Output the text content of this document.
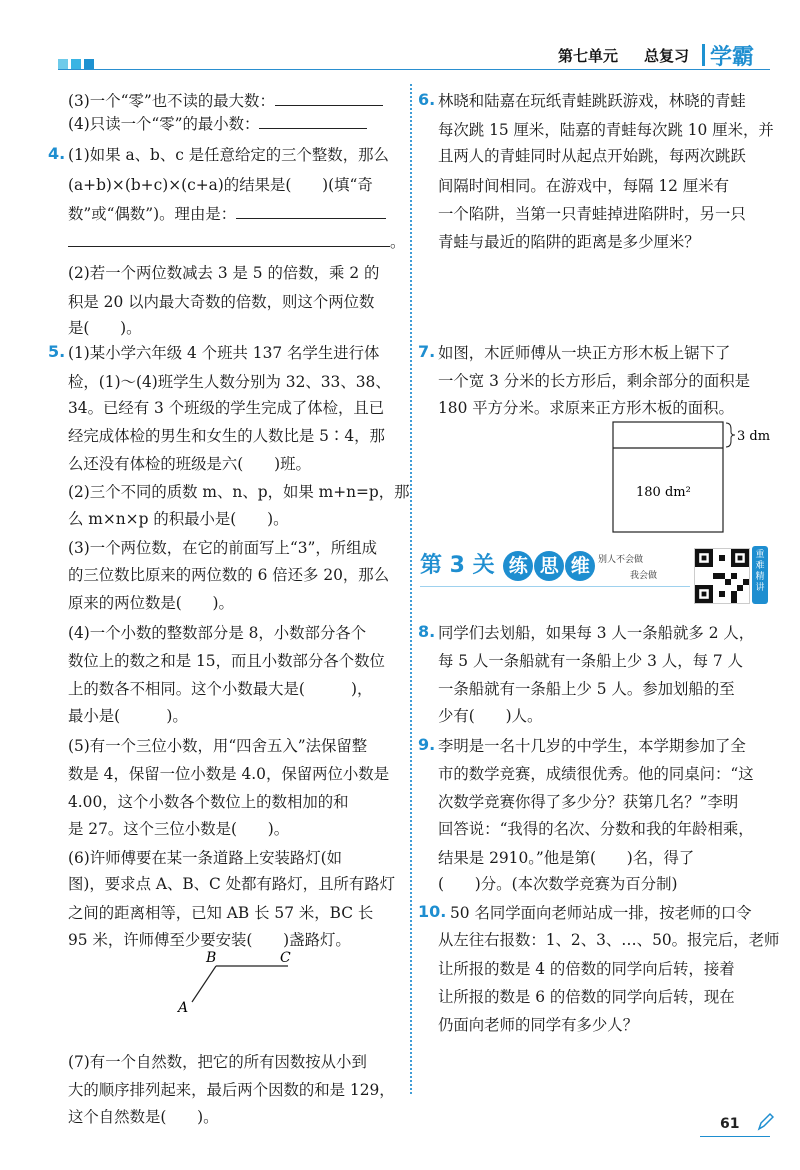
第七单元 总复习 学霸
(3)一个“零”也不读的最大数：
(4)只读一个“零”的最小数：
4. (1)如果 a、b、c 是任意给定的三个整数，那么
(a+b)×(b+c)×(c+a)的结果是(　　)(填“奇
数”或“偶数”)。理由是：
。
(2)若一个两位数减去 3 是 5 的倍数，乘 2 的
积是 20 以内最大奇数的倍数，则这个两位数
是(　　)。
5. (1)某小学六年级 4 个班共 137 名学生进行体
检，(1)～(4)班学生人数分别为 32、33、38、
34。已经有 3 个班级的学生完成了体检，且已
经完成体检的男生和女生的人数比是 5∶4，那
么还没有体检的班级是六(　　)班。
(2)三个不同的质数 m、n、p，如果 m+n=p，那
么 m×n×p 的积最小是(　　)。
(3)一个两位数，在它的前面写上“3”，所组成
的三位数比原来的两位数的 6 倍还多 20，那么
原来的两位数是(　　)。
(4)一个小数的整数部分是 8，小数部分各个
数位上的数之和是 15，而且小数部分各个数位
上的数各不相同。这个小数最大是(　　　)，
最小是(　　　)。
(5)有一个三位小数，用“四舍五入”法保留整
数是 4，保留一位小数是 4.0，保留两位小数是
4.00，这个小数各个数位上的数相加的和
是 27。这个三位小数是(　　)。
(6)许师傅要在某一条道路上安装路灯(如
图)，要求点 A、B、C 处都有路灯，且所有路灯
之间的距离相等，已知 AB 长 57 米，BC 长
95 米，许师傅至少要安装(　　)盏路灯。
(7)有一个自然数，把它的所有因数按从小到
大的顺序排列起来，最后两个因数的和是 129，
这个自然数是(　　)。
6. 林晓和陆嘉在玩纸青蛙跳跃游戏，林晓的青蛙
每次跳 15 厘米，陆嘉的青蛙每次跳 10 厘米，并
且两人的青蛙同时从起点开始跳，每两次跳跃
间隔时间相同。在游戏中，每隔 12 厘米有
一个陷阱，当第一只青蛙掉进陷阱时，另一只
青蛙与最近的陷阱的距离是多少厘米？
7. 如图，木匠师傅从一块正方形木板上锯下了
一个宽 3 分米的长方形后，剩余部分的面积是
180 平方分米。求原来正方形木板的面积。
8. 同学们去划船，如果每 3 人一条船就多 2 人，
每 5 人一条船就有一条船上少 3 人，每 7 人
一条船就有一条船上少 5 人。参加划船的至
少有(　　)人。
9. 李明是一名十几岁的中学生，本学期参加了全
市的数学竞赛，成绩很优秀。他的同桌问：“这
次数学竞赛你得了多少分？获第几名？”李明
回答说：“我得的名次、分数和我的年龄相乘，
结果是 2910。”他是第(　　)名，得了
(　　)分。(本次数学竞赛为百分制)
10. 50 名同学面向老师站成一排，按老师的口令
从左往右报数：1、2、3、…、50。报完后，老师
让所报的数是 4 的倍数的同学向后转，接着
让所报的数是 6 的倍数的同学向后转，现在
仍面向老师的同学有多少人？
B	C
A
3 dm
180 dm²
第 3 关 练 思 维 别人不会做
我会做
重难精讲
61
